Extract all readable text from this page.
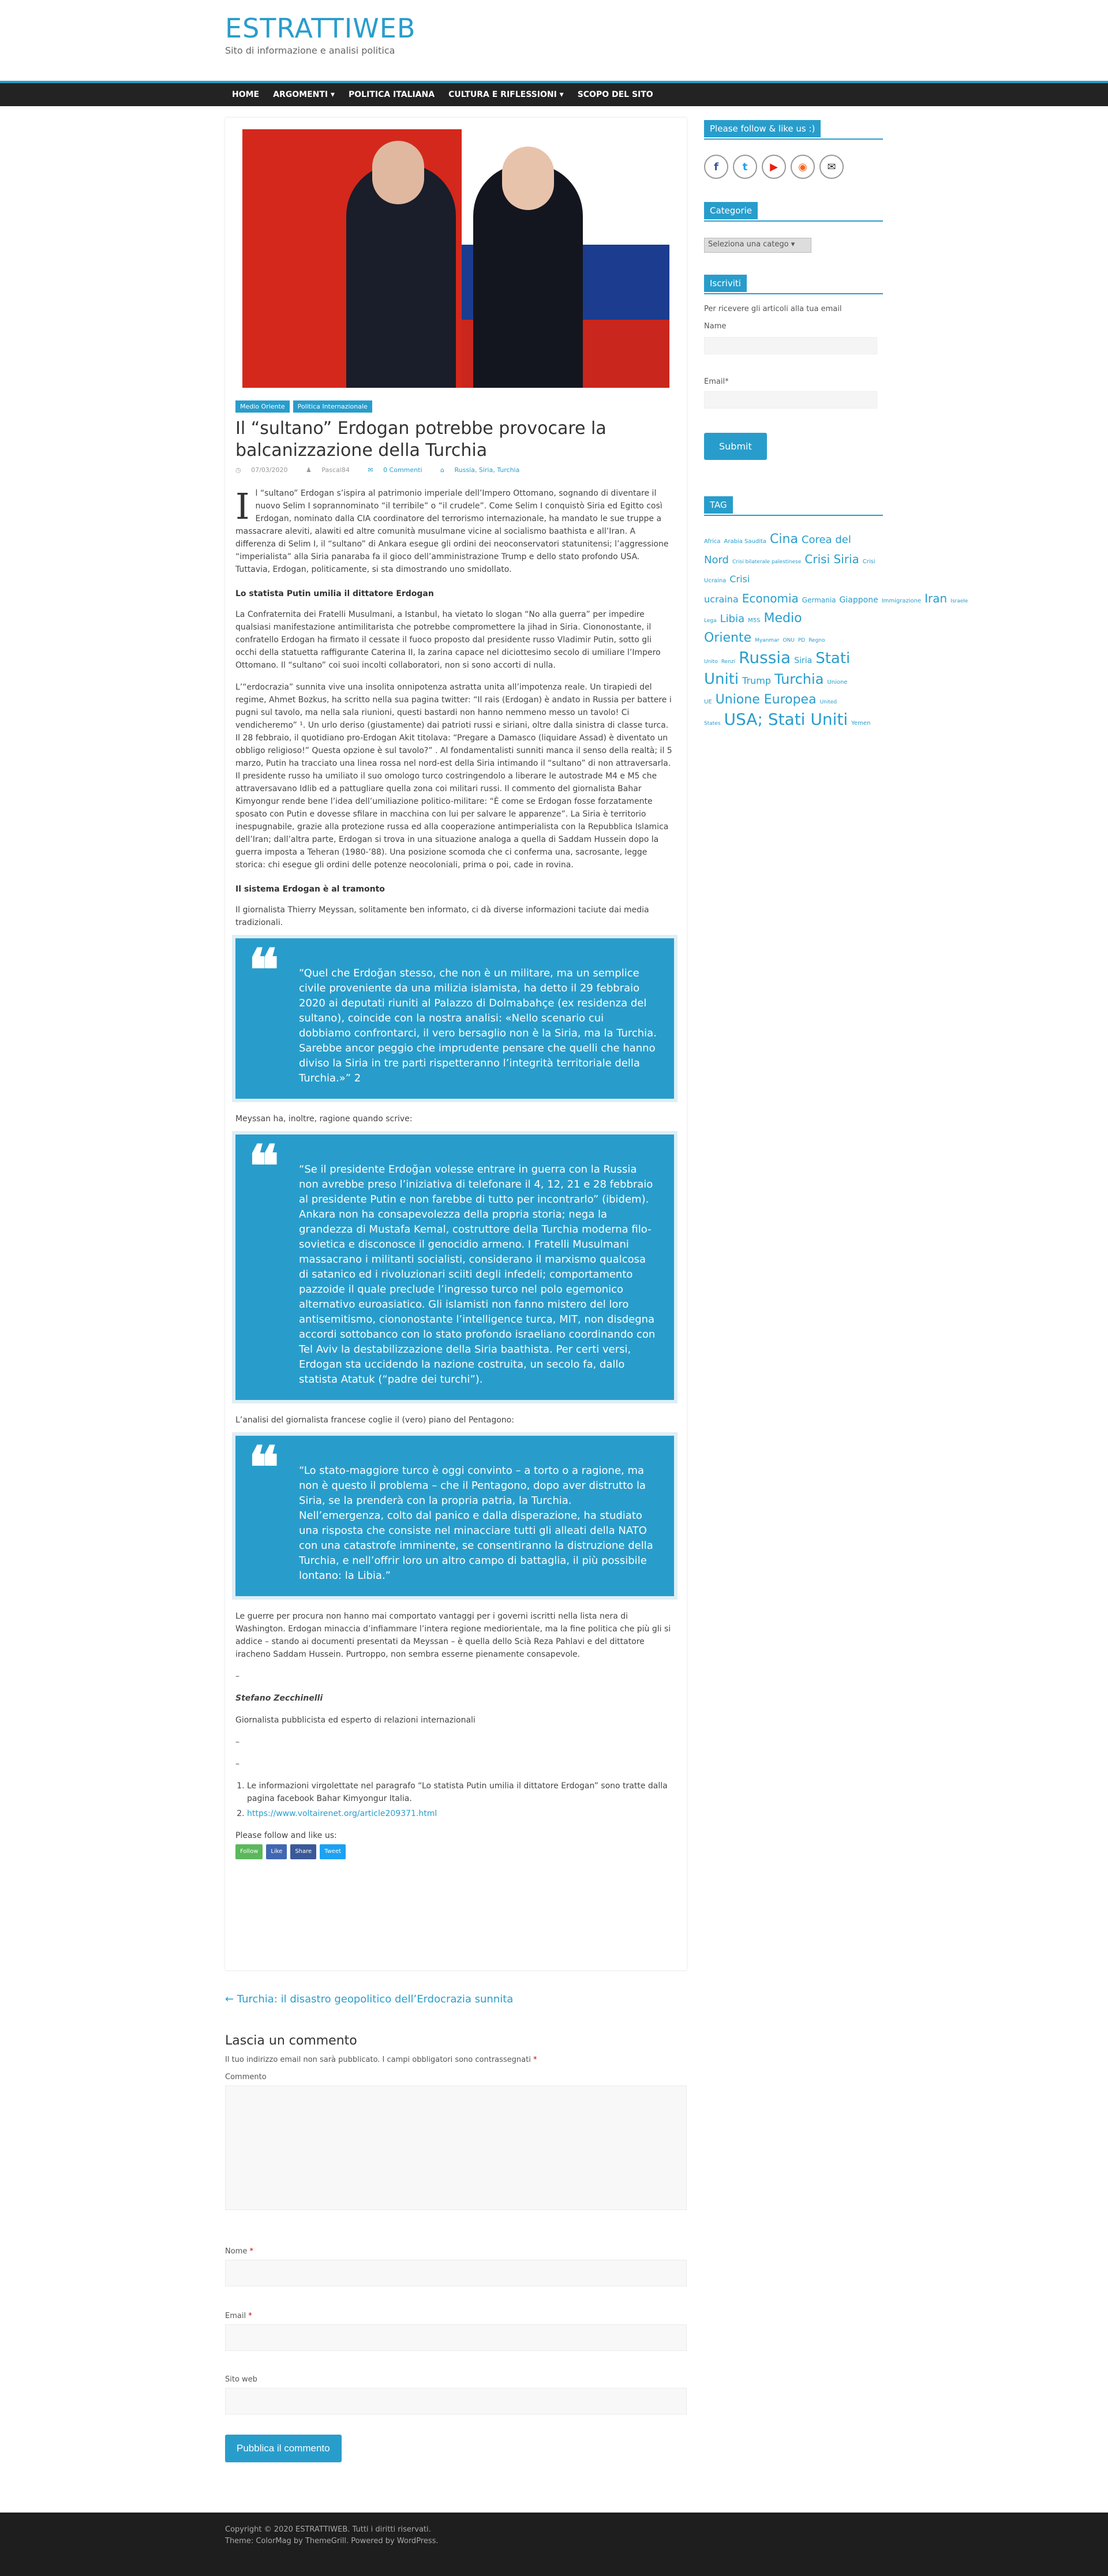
ESTRATTIWEB
Sito di informazione e analisi politica
HOME ARGOMENTI ▾ POLITICA ITALIANA CULTURA E RIFLESSIONI ▾ SCOPO DEL SITO
Medio Oriente	Politica Internazionale
Il “sultano” Erdogan potrebbe provocare la balcanizzazione della Turchia
◷ 07/03/2020	♟ Pascal84	✉ 0 Commenti	⌂ Russia, Siria, Turchia

Il “sultano” Erdogan s’ispira al patrimonio imperiale dell’Impero Ottomano, sognando di diventare il nuovo Selim I soprannominato “il terribile” o “il crudele”. Come Selim I conquistò Siria ed Egitto così Erdogan, nominato dalla CIA coordinatore del terrorismo internazionale, ha mandato le sue truppe a massacrare aleviti, alawiti ed altre comunità musulmane vicine al socialismo baathista e all’Iran. A differenza di Selim I, il “sultano” di Ankara esegue gli ordini dei neoconservatori statunitensi; l’aggressione “imperialista” alla Siria panaraba fa il gioco dell’amministrazione Trump e dello stato profondo USA. Tuttavia, Erdogan, politicamente, si sta dimostrando uno smidollato.

Lo statista Putin umilia il dittatore Erdogan

La Confraternita dei Fratelli Musulmani, a Istanbul, ha vietato lo slogan “No alla guerra” per impedire qualsiasi manifestazione antimilitarista che potrebbe compromettere la jihad in Siria. Ciononostante, il confratello Erdogan ha firmato il cessate il fuoco proposto dal presidente russo Vladimir Putin, sotto gli occhi della statuetta raffigurante Caterina II, la zarina capace nel diciottesimo secolo di umiliare l’Impero Ottomano. Il “sultano” coi suoi incolti collaboratori, non si sono accorti di nulla.

L’“erdocrazia” sunnita vive una insolita onnipotenza astratta unita all’impotenza reale. Un tirapiedi del regime, Ahmet Bozkus, ha scritto nella sua pagina twitter: “Il rais (Erdogan) è andato in Russia per battere i pugni sul tavolo, ma nella sala riunioni, questi bastardi non hanno nemmeno messo un tavolo! Ci vendicheremo” ¹. Un urlo deriso (giustamente) dai patrioti russi e siriani, oltre dalla sinistra di classe turca. Il 28 febbraio, il quotidiano pro-Erdogan Akit titolava: “Pregare a Damasco (liquidare Assad) è diventato un obbligo religioso!” Questa opzione è sul tavolo?” . Al fondamentalisti sunniti manca il senso della realtà; il 5 marzo, Putin ha tracciato una linea rossa nel nord-est della Siria intimando il “sultano” di non attraversarla. Il presidente russo ha umiliato il suo omologo turco costringendolo a liberare le autostrade M4 e M5 che attraversavano Idlib ed a pattugliare quella zona coi militari russi. Il commento del giornalista Bahar Kimyongur rende bene l’idea dell’umiliazione politico-militare: “È come se Erdogan fosse forzatamente sposato con Putin e dovesse sfilare in macchina con lui per salvare le apparenze”. La Siria è territorio inespugnabile, grazie alla protezione russa ed alla cooperazione antimperialista con la Repubblica Islamica dell’Iran; dall’altra parte, Erdogan si trova in una situazione analoga a quella di Saddam Hussein dopo la guerra imposta a Teheran (1980-’88). Una posizione scomoda che ci conferma una, sacrosante, legge storica: chi esegue gli ordini delle potenze neocoloniali, prima o poi, cade in rovina.

Il sistema Erdogan è al tramonto

Il giornalista Thierry Meyssan, solitamente ben informato, ci dà diverse informazioni taciute dai media tradizionali.

❝ “Quel che Erdoğan stesso, che non è un militare, ma un semplice civile proveniente da una milizia islamista, ha detto il 29 febbraio 2020 ai deputati riuniti al Palazzo di Dolmabahçe (ex residenza del sultano), coincide con la nostra analisi: «Nello scenario cui dobbiamo confrontarci, il vero bersaglio non è la Siria, ma la Turchia. Sarebbe ancor peggio che imprudente pensare che quelli che hanno diviso la Siria in tre parti rispetteranno l’integrità territoriale della Turchia.»” 2

Meyssan ha, inoltre, ragione quando scrive:

❝ “Se il presidente Erdoğan volesse entrare in guerra con la Russia non avrebbe preso l’iniziativa di telefonare il 4, 12, 21 e 28 febbraio al presidente Putin e non farebbe di tutto per incontrarlo” (ibidem). Ankara non ha consapevolezza della propria storia; nega la grandezza di Mustafa Kemal, costruttore della Turchia moderna filo-sovietica e disconosce il genocidio armeno. I Fratelli Musulmani massacrano i militanti socialisti, considerano il marxismo qualcosa di satanico ed i rivoluzionari sciiti degli infedeli; comportamento pazzoide il quale preclude l’ingresso turco nel polo egemonico alternativo euroasiatico. Gli islamisti non fanno mistero del loro antisemitismo, ciononostante l’intelligence turca, MIT, non disdegna accordi sottobanco con lo stato profondo israeliano coordinando con Tel Aviv la destabilizzazione della Siria baathista. Per certi versi, Erdogan sta uccidendo la nazione costruita, un secolo fa, dallo statista Atatuk (“padre dei turchi”).

L’analisi del giornalista francese coglie il (vero) piano del Pentagono:

❝ “Lo stato-maggiore turco è oggi convinto – a torto o a ragione, ma non è questo il problema – che il Pentagono, dopo aver distrutto la Siria, se la prenderà con la propria patria, la Turchia. Nell’emergenza, colto dal panico e dalla disperazione, ha studiato una risposta che consiste nel minacciare tutti gli alleati della NATO con una catastrofe imminente, se consentiranno la distruzione della Turchia, e nell’offrir loro un altro campo di battaglia, il più possibile lontano: la Libia.”

Le guerre per procura non hanno mai comportato vantaggi per i governi iscritti nella lista nera di Washington. Erdogan minaccia d’infiammare l’intera regione mediorientale, ma la fine politica che più gli si addice – stando ai documenti presentati da Meyssan – è quella dello Scià Reza Pahlavi e del dittatore iracheno Saddam Hussein. Purtroppo, non sembra esserne pienamente consapevole.

–

Stefano Zecchinelli

Giornalista pubblicista ed esperto di relazioni internazionali

–

–

1. Le informazioni virgolettate nel paragrafo “Lo statista Putin umilia il dittatore Erdogan” sono tratte dalla pagina facebook Bahar Kimyongur Italia.
2. https://www.voltairenet.org/article209371.html

Please follow and like us:

Follow	Like	Share	Tweet
← Turchia: il disastro geopolitico dell’Erdocrazia sunnita
Lascia un commento
Il tuo indirizzo email non sarà pubblicato. I campi obbligatori sono contrassegnati *
Commento
Nome *
Email *
Sito web
Pubblica il commento
Please follow & like us :)
f	t	▶	◉	✉
Categorie
Seleziona una catego ▾
Iscriviti
Per ricevere gli articoli alla tua email
Name
Email*
Submit
TAG
Africa Arabia Saudita Cina Corea del Nord Crisi bilaterale palestinese Crisi Siria Crisi Ucraina Crisi ucraina Economia Germania Giappone Immigrazione Iran Israele Lega Libia M5S Medio Oriente Myanmar ONU PD Regno Unito Renzi Russia Siria Stati Uniti Trump Turchia Unione UE Unione Europea United States USA; Stati Uniti Yemen
Copyright © 2020 ESTRATTIWEB. Tutti i diritti riservati.
Theme: ColorMag by ThemeGrill. Powered by WordPress.
